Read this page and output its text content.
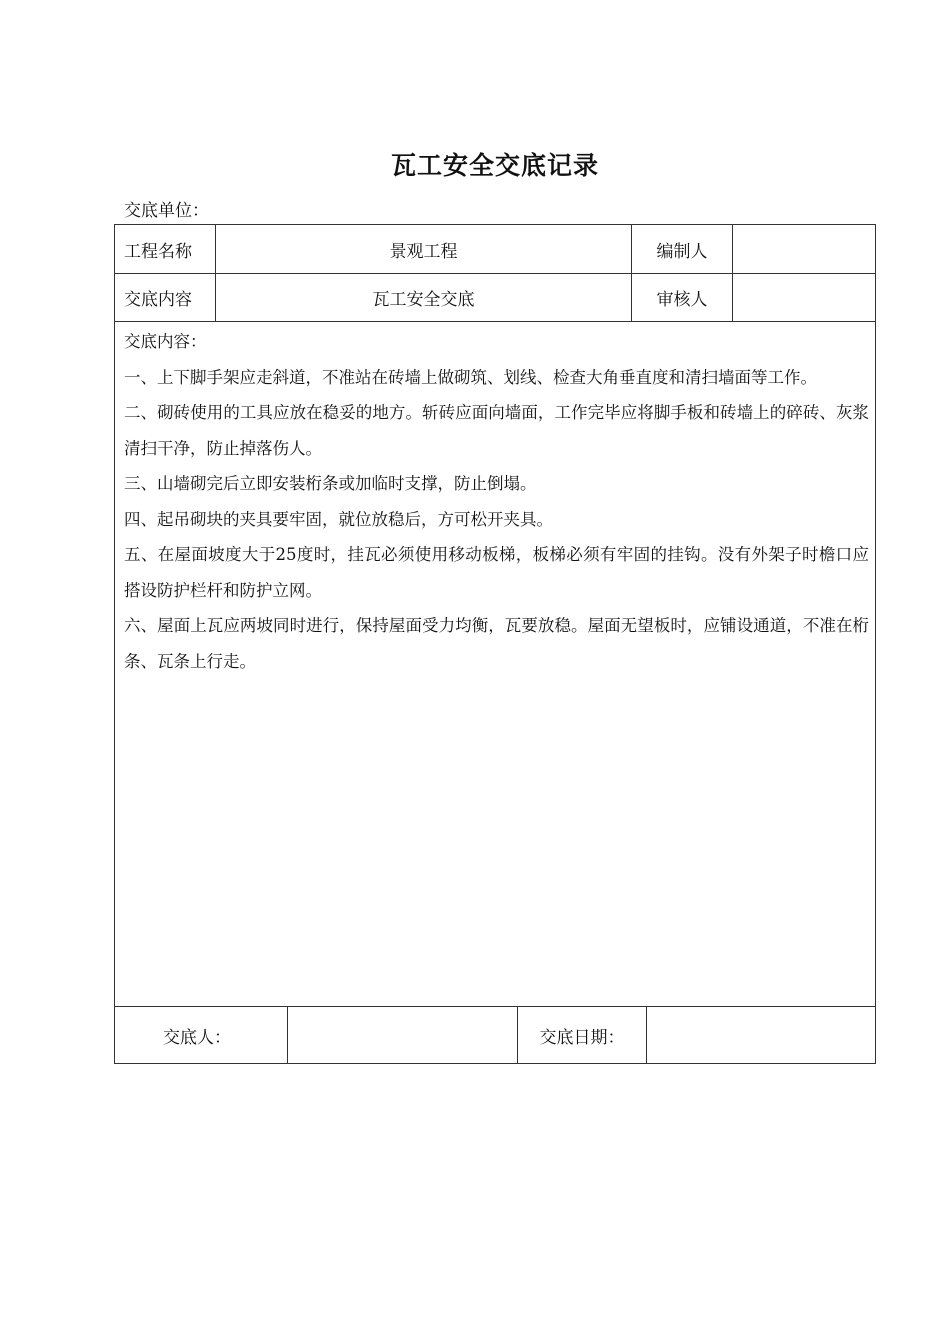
瓦工安全交底记录
交底单位：
工程名称	景观工程	编制人
交底内容	瓦工安全交底	审核人

交底内容：

一、上下脚手架应走斜道，不准站在砖墙上做砌筑、划线、检查大角垂直度和清扫墙面等工作。

二、砌砖使用的工具应放在稳妥的地方。斩砖应面向墙面，工作完毕应将脚手板和砖墙上的碎砖、灰浆清扫干净，防止掉落伤人。

三、山墙砌完后立即安装桁条或加临时支撑，防止倒塌。

四、起吊砌块的夹具要牢固，就位放稳后，方可松开夹具。

五、在屋面坡度大于25度时，挂瓦必须使用移动板梯，板梯必须有牢固的挂钩。没有外架子时檐口应搭设防护栏杆和防护立网。

六、屋面上瓦应两坡同时进行，保持屋面受力均衡，瓦要放稳。屋面无望板时，应铺设通道，不准在桁条、瓦条上行走。

交底人：	交底日期：
